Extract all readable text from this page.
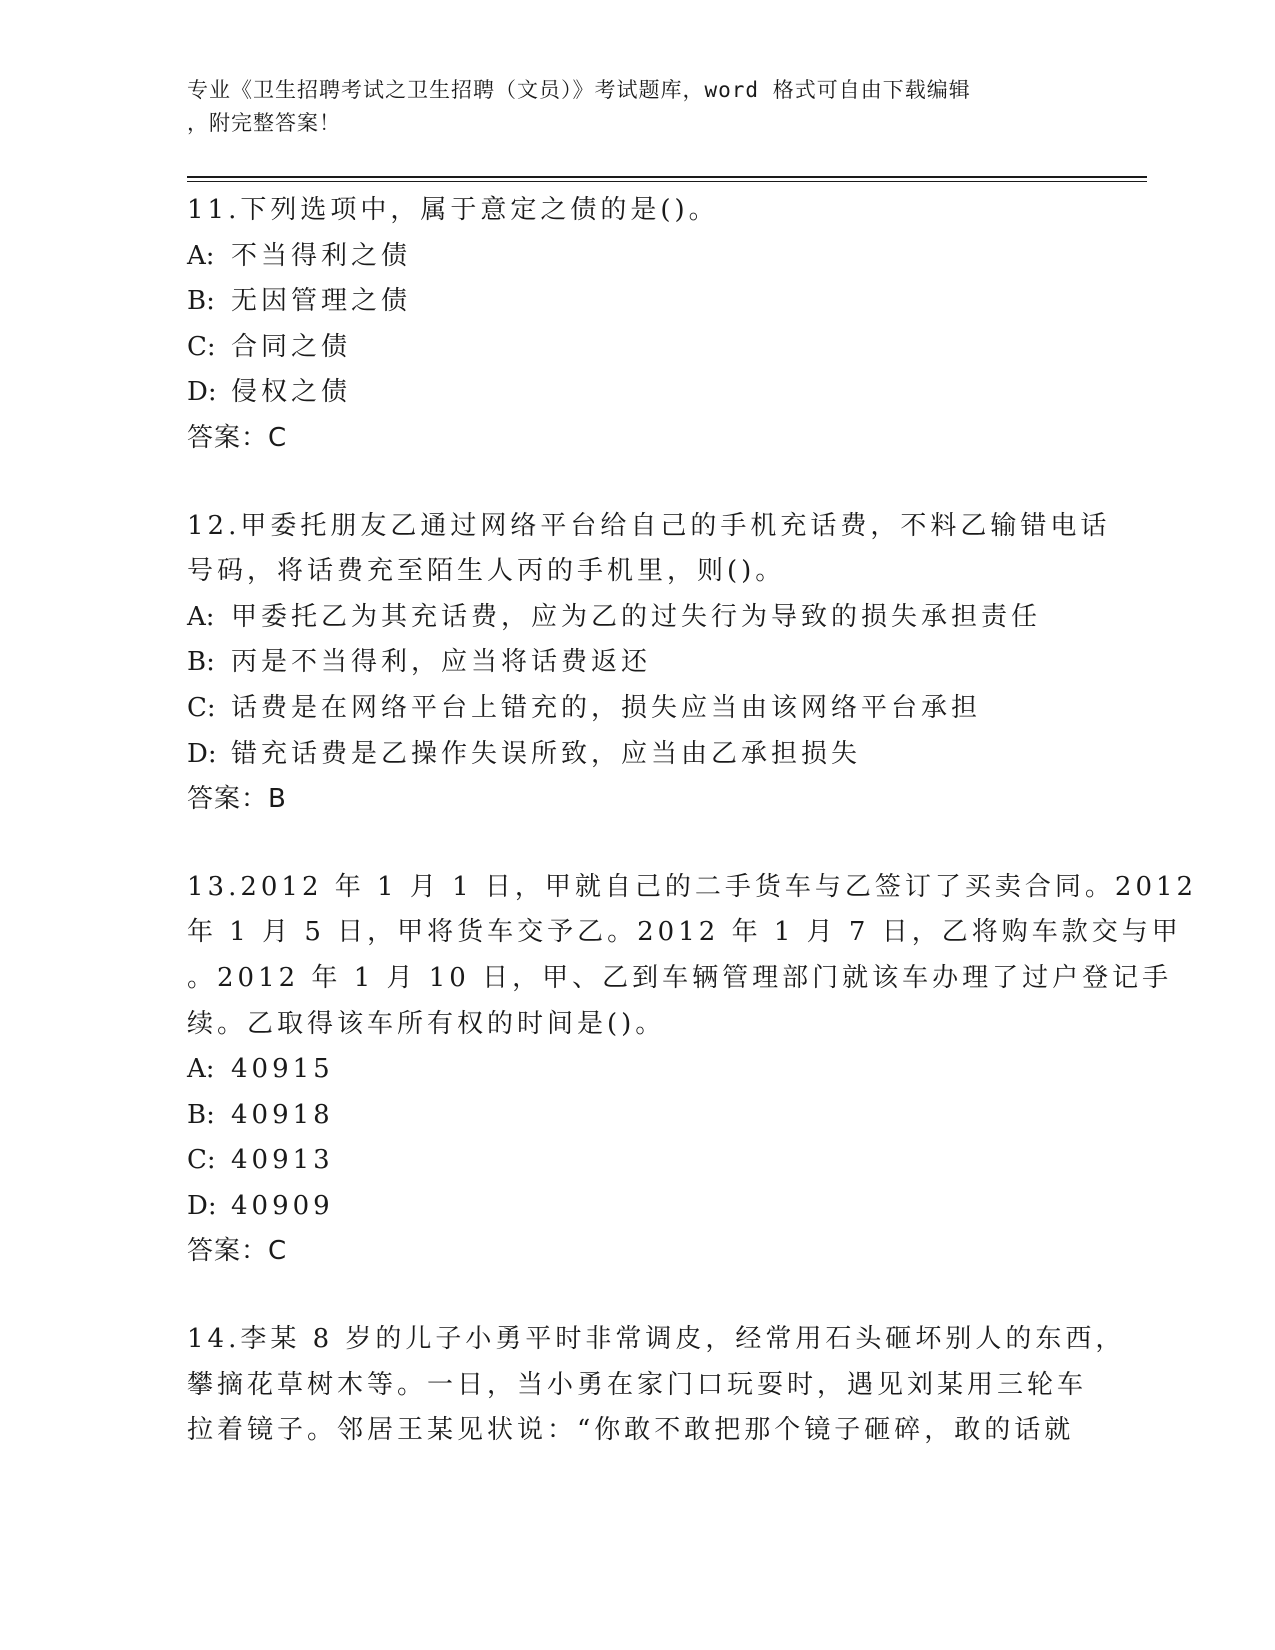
专业《卫生招聘考试之卫生招聘（文员）》考试题库，word 格式可自由下载编辑
，附完整答案！
11.下列选项中，属于意定之债的是()。
A: 不当得利之债
B: 无因管理之债
C: 合同之债
D: 侵权之债
答案：C
12.甲委托朋友乙通过网络平台给自己的手机充话费，不料乙输错电话
号码，将话费充至陌生人丙的手机里，则()。
A: 甲委托乙为其充话费，应为乙的过失行为导致的损失承担责任
B: 丙是不当得利，应当将话费返还
C: 话费是在网络平台上错充的，损失应当由该网络平台承担
D: 错充话费是乙操作失误所致，应当由乙承担损失
答案：B
13.2012 年 1 月 1 日，甲就自己的二手货车与乙签订了买卖合同。2012
年 1 月 5 日，甲将货车交予乙。2012 年 1 月 7 日，乙将购车款交与甲
。2012 年 1 月 10 日，甲、乙到车辆管理部门就该车办理了过户登记手
续。乙取得该车所有权的时间是()。
A: 40915
B: 40918
C: 40913
D: 40909
答案：C
14.李某 8 岁的儿子小勇平时非常调皮，经常用石头砸坏别人的东西，
攀摘花草树木等。一日，当小勇在家门口玩耍时，遇见刘某用三轮车
拉着镜子。邻居王某见状说：“你敢不敢把那个镜子砸碎，敢的话就
